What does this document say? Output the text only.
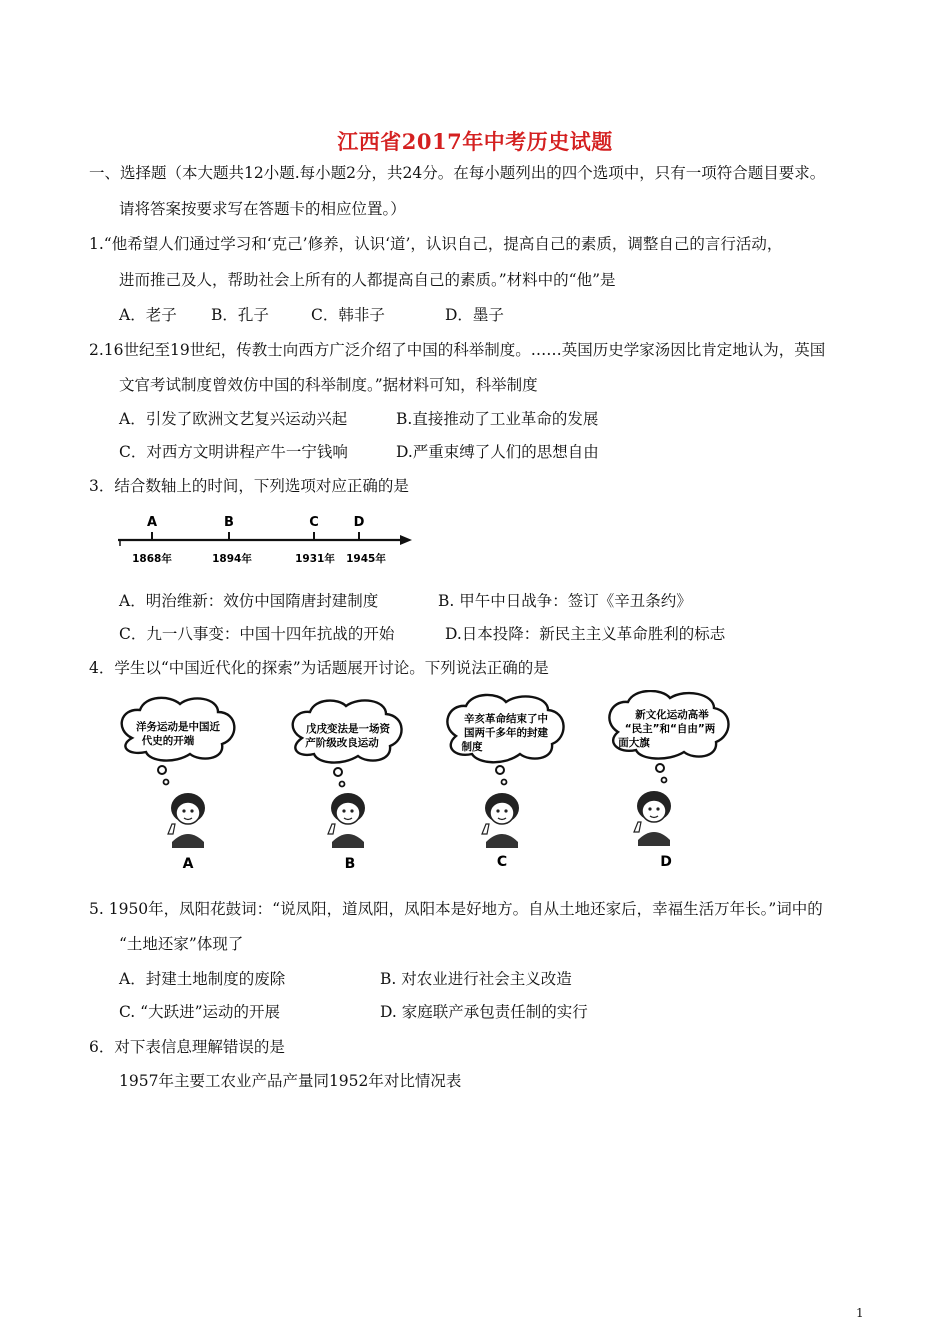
江西省2017年中考历史试题
一、选择题（本大题共12小题.每小题2分，共24分。在每小题列出的四个选项中，只有一项符合题目要求。
请将答案按要求写在答题卡的相应位置。）
1.“他希望人们通过学习和‘克己’修养，认识‘道’，认识自己，提高自己的素质，调整自己的言行活动，
进而推己及人，帮助社会上所有的人都提高自己的素质。”材料中的“他”是
A．老子 B．孔子	C．韩非子	D．墨子
2.16世纪至19世纪，传教士向西方广泛介绍了中国的科举制度。……英国历史学家汤因比肯定地认为，英国
文官考试制度曾效仿中国的科举制度。”据材料可知，科举制度
A．引发了欧洲文艺复兴运动兴起	B.直接推动了工业革命的发展
C．对西方文明讲程产牛一宁钱响	D.严重束缚了人们的思想自由
3．结合数轴上的时间，下列选项对应正确的是
A	B	C	D
1868年	1894年	1931年 1945年
A．明治维新：效仿中国隋唐封建制度	B. 甲午中日战争：签订《辛丑条约》
C．九一八事变：中国十四年抗战的开始	D.日本投降：新民主主义革命胜利的标志
4．学生以“中国近代化的探索”为话题展开讨论。下列说法正确的是
洋务运动是中国近
代史的开端
A
戊戌变法是一场资
产阶级改良运动
B
辛亥革命结束了中
国两千多年的封建
制度
C
新文化运动高举
“民主”和“自由”两
面大旗
D
5. 1950年，凤阳花鼓词：“说凤阳，道凤阳，凤阳本是好地方。自从土地还家后，幸福生活万年长。”词中的
“土地还家”体现了
A．封建土地制度的废除	B. 对农业进行社会主义改造
C. “大跃进”运动的开展	D. 家庭联产承包责任制的实行
6．对下表信息理解错误的是
1957年主要工农业产品产量同1952年对比情况表
1
